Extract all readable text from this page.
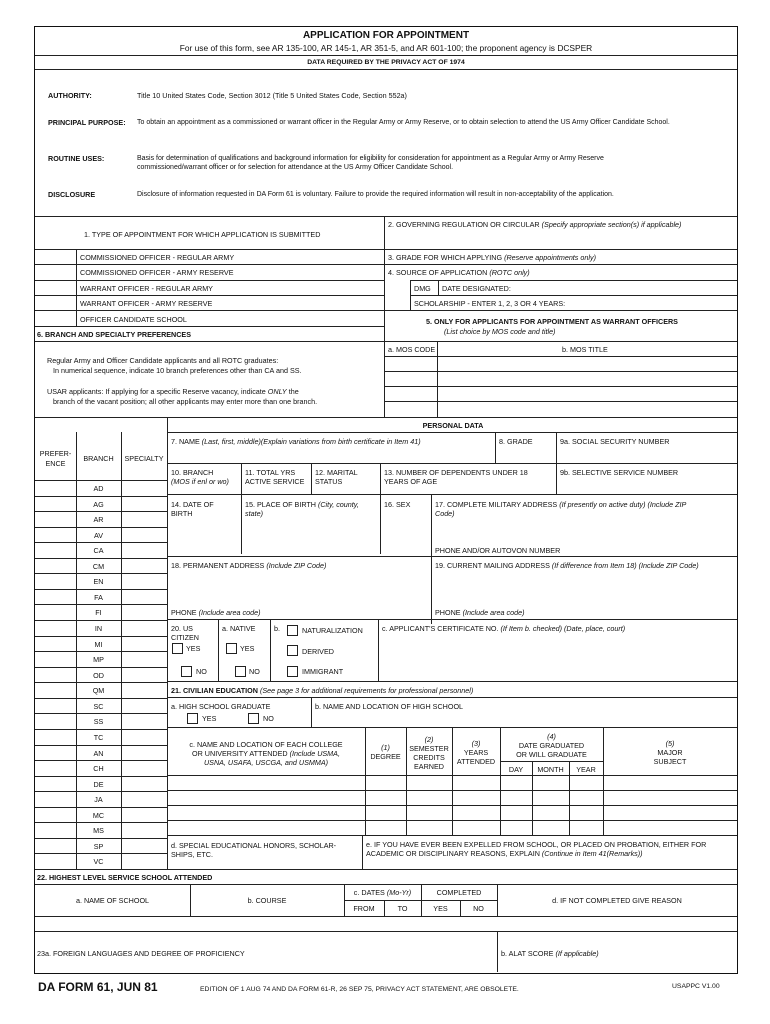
APPLICATION FOR APPOINTMENT
For use of this form, see AR 135-100, AR 145-1, AR 351-5, and AR 601-100; the proponent agency is DCSPER
DATA REQUIRED BY THE PRIVACY ACT OF 1974
AUTHORITY:	Title 10 United States Code, Section 3012 (Title 5 United States Code, Section 552a)
PRINCIPAL PURPOSE: To obtain an appointment as a commissioned or warrant officer in the Regular Army or Army Reserve, or to obtain selection to attend the US Army Officer Candidate School.
ROUTINE USES:	Basis for determination of qualifications and background information for eligibility for consideration for appointment as a Regular Army or Army Reserve
commissioned/warrant officer or for selection for attendance at the US Army Officer Candidate School.
DISCLOSURE	Disclosure of information requested in DA Form 61 is voluntary. Failure to provide the required information will result in non-acceptability of the application.
1. TYPE OF APPOINTMENT FOR WHICH APPLICATION IS SUBMITTED
COMMISSIONED OFFICER - REGULAR ARMY
COMMISSIONED OFFICER - ARMY RESERVE
WARRANT OFFICER - REGULAR ARMY
WARRANT OFFICER - ARMY RESERVE
OFFICER CANDIDATE SCHOOL
6. BRANCH AND SPECIALTY PREFERENCES
Regular Army and Officer Candidate applicants and all ROTC graduates:
In numerical sequence, indicate 10 branch preferences other than CA and SS.
USAR applicants: If applying for a specific Reserve vacancy, indicate ONLY the
branch of the vacant position; all other applicants may enter more than one branch.
2. GOVERNING REGULATION OR CIRCULAR (Specify appropriate section(s) if applicable)
3. GRADE FOR WHICH APPLYING (Reserve appointments only)
4. SOURCE OF APPLICATION (ROTC only)
DMG DATE DESIGNATED:
SCHOLARSHIP - ENTER 1, 2, 3 OR 4 YEARS:
5. ONLY FOR APPLICANTS FOR APPOINTMENT AS WARRANT OFFICERS
(List choice by MOS code and title)
a. MOS CODE	b. MOS TITLE
PERSONAL DATA
PREFER-
ENCE
BRANCH	SPECIALTY
AD
AG
AR
AV
CA
CM
EN
FA
FI
IN
MI
MP
OD
QM
SC
SS
TC
AN
CH
DE
JA
MC
MS
SP
VC
7. NAME (Last, first, middle)(Explain variations from birth certificate in Item 41)	8. GRADE	9a. SOCIAL SECURITY NUMBER
10. BRANCH
(MOS if enl or wo)
11. TOTAL YRS
ACTIVE SERVICE
12. MARITAL
STATUS
13. NUMBER OF DEPENDENTS UNDER 18
YEARS OF AGE
9b. SELECTIVE SERVICE NUMBER
14. DATE OF
BIRTH
15. PLACE OF BIRTH (City, county,
state)
16. SEX	17. COMPLETE MILITARY ADDRESS (If presently on active duty) (Include ZIP
Code)
PHONE AND/OR AUTOVON NUMBER
18. PERMANENT ADDRESS (Include ZIP Code)	19. CURRENT MAILING ADDRESS (If difference from Item 18) (Include ZIP Code)
PHONE (Include area code)	PHONE (Include area code)
20. US
CITIZEN
YES
NO
a. NATIVE
YES
NO
b.	NATURALIZATION
DERIVED
IMMIGRANT
c. APPLICANT'S CERTIFICATE NO. (If Item b. checked) (Date, place, court)
21. CIVILIAN EDUCATION (See page 3 for additional requirements for professional personnel)
a. HIGH SCHOOL GRADUATE
YES	NO
b. NAME AND LOCATION OF HIGH SCHOOL
c. NAME AND LOCATION OF EACH COLLEGE
OR UNIVERSITY ATTENDED (Include USMA,
USNA, USAFA, USCGA, and USMMA)
(1)
DEGREE
(2)
SEMESTER
CREDITS
EARNED
(3)
YEARS
ATTENDED
(4)
DATE GRADUATED
OR WILL GRADUATE
DAY	MONTH	YEAR
(5)
MAJOR
SUBJECT
d. SPECIAL EDUCATIONAL HONORS, SCHOLAR-
SHIPS, ETC.
e. IF YOU HAVE EVER BEEN EXPELLED FROM SCHOOL, OR PLACED ON PROBATION, EITHER FOR
ACADEMIC OR DISCIPLINARY REASONS, EXPLAIN (Continue in Item 41(Remarks))
22. HIGHEST LEVEL SERVICE SCHOOL ATTENDED
a. NAME OF SCHOOL	b. COURSE
c. DATES (Mo-Yr)	COMPLETED
FROM	TO	YES	NO
d. IF NOT COMPLETED GIVE REASON
23a. FOREIGN LANGUAGES AND DEGREE OF PROFICIENCY	b. ALAT SCORE (If applicable)
DA FORM 61, JUN 81	EDITION OF 1 AUG 74 AND DA FORM 61-R, 26 SEP 75, PRIVACY ACT STATEMENT, ARE OBSOLETE.	USAPPC V1.00
